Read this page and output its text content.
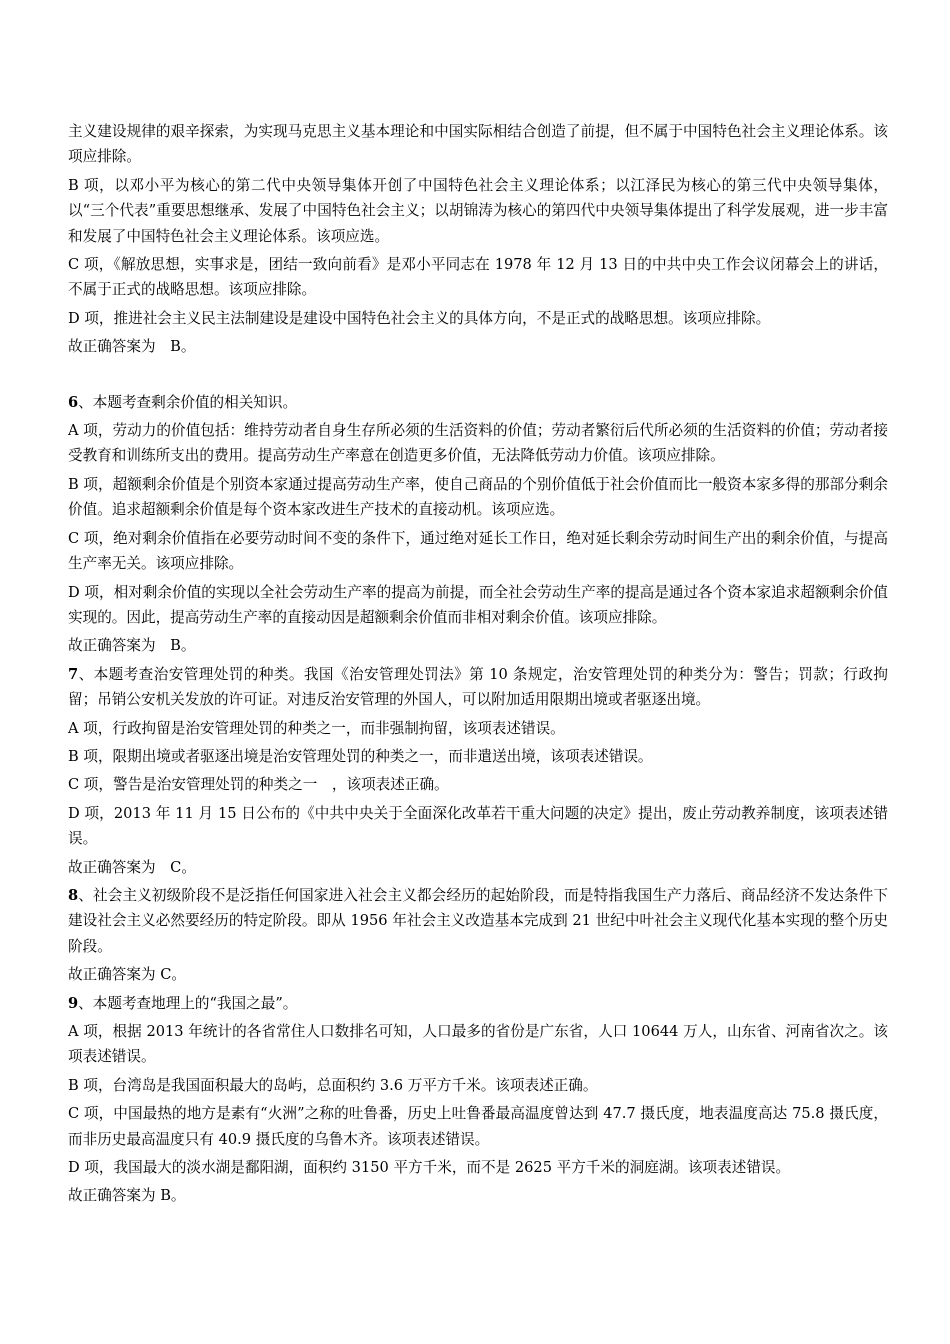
主义建设规律的艰辛探索，为实现马克思主义基本理论和中国实际相结合创造了前提，但不属于中国特色社会主义理论体系。该项应排除。

B 项，以邓小平为核心的第二代中央领导集体开创了中国特色社会主义理论体系；以江泽民为核心的第三代中央领导集体，以“三个代表”重要思想继承、发展了中国特色社会主义；以胡锦涛为核心的第四代中央领导集体提出了科学发展观，进一步丰富和发展了中国特色社会主义理论体系。该项应选。

C 项，《解放思想，实事求是，团结一致向前看》是邓小平同志在 1978 年 12 月 13 日的中共中央工作会议闭幕会上的讲话，不属于正式的战略思想。该项应排除。

D 项，推进社会主义民主法制建设是建设中国特色社会主义的具体方向，不是正式的战略思想。该项应排除。

故正确答案为　B。

6、本题考查剩余价值的相关知识。

A 项，劳动力的价值包括：维持劳动者自身生存所必须的生活资料的价值；劳动者繁衍后代所必须的生活资料的价值；劳动者接受教育和训练所支出的费用。提高劳动生产率意在创造更多价值，无法降低劳动力价值。该项应排除。

B 项，超额剩余价值是个别资本家通过提高劳动生产率，使自己商品的个别价值低于社会价值而比一般资本家多得的那部分剩余价值。追求超额剩余价值是每个资本家改进生产技术的直接动机。该项应选。

C 项，绝对剩余价值指在必要劳动时间不变的条件下，通过绝对延长工作日，绝对延长剩余劳动时间生产出的剩余价值，与提高生产率无关。该项应排除。

D 项，相对剩余价值的实现以全社会劳动生产率的提高为前提，而全社会劳动生产率的提高是通过各个资本家追求超额剩余价值实现的。因此，提高劳动生产率的直接动因是超额剩余价值而非相对剩余价值。该项应排除。

故正确答案为　B。

7、本题考查治安管理处罚的种类。我国《治安管理处罚法》第 10 条规定，治安管理处罚的种类分为：警告；罚款；行政拘留；吊销公安机关发放的许可证。对违反治安管理的外国人，可以附加适用限期出境或者驱逐出境。

A 项，行政拘留是治安管理处罚的种类之一，而非强制拘留，该项表述错误。

B 项，限期出境或者驱逐出境是治安管理处罚的种类之一，而非遣送出境，该项表述错误。

C 项，警告是治安管理处罚的种类之一　，该项表述正确。

D 项，2013 年 11 月 15 日公布的《中共中央关于全面深化改革若干重大问题的决定》提出，废止劳动教养制度，该项表述错误。

故正确答案为　C。

8、社会主义初级阶段不是泛指任何国家进入社会主义都会经历的起始阶段，而是特指我国生产力落后、商品经济不发达条件下建设社会主义必然要经历的特定阶段。即从 1956 年社会主义改造基本完成到 21 世纪中叶社会主义现代化基本实现的整个历史阶段。

故正确答案为 C。

9、本题考查地理上的“我国之最”。

A 项，根据 2013 年统计的各省常住人口数排名可知，人口最多的省份是广东省，人口 10644 万人，山东省、河南省次之。该项表述错误。

B 项，台湾岛是我国面积最大的岛屿，总面积约 3.6 万平方千米。该项表述正确。

C 项，中国最热的地方是素有“火洲”之称的吐鲁番，历史上吐鲁番最高温度曾达到 47.7 摄氏度，地表温度高达 75.8 摄氏度，而非历史最高温度只有 40.9 摄氏度的乌鲁木齐。该项表述错误。

D 项，我国最大的淡水湖是鄱阳湖，面积约 3150 平方千米，而不是 2625 平方千米的洞庭湖。该项表述错误。

故正确答案为 B。
